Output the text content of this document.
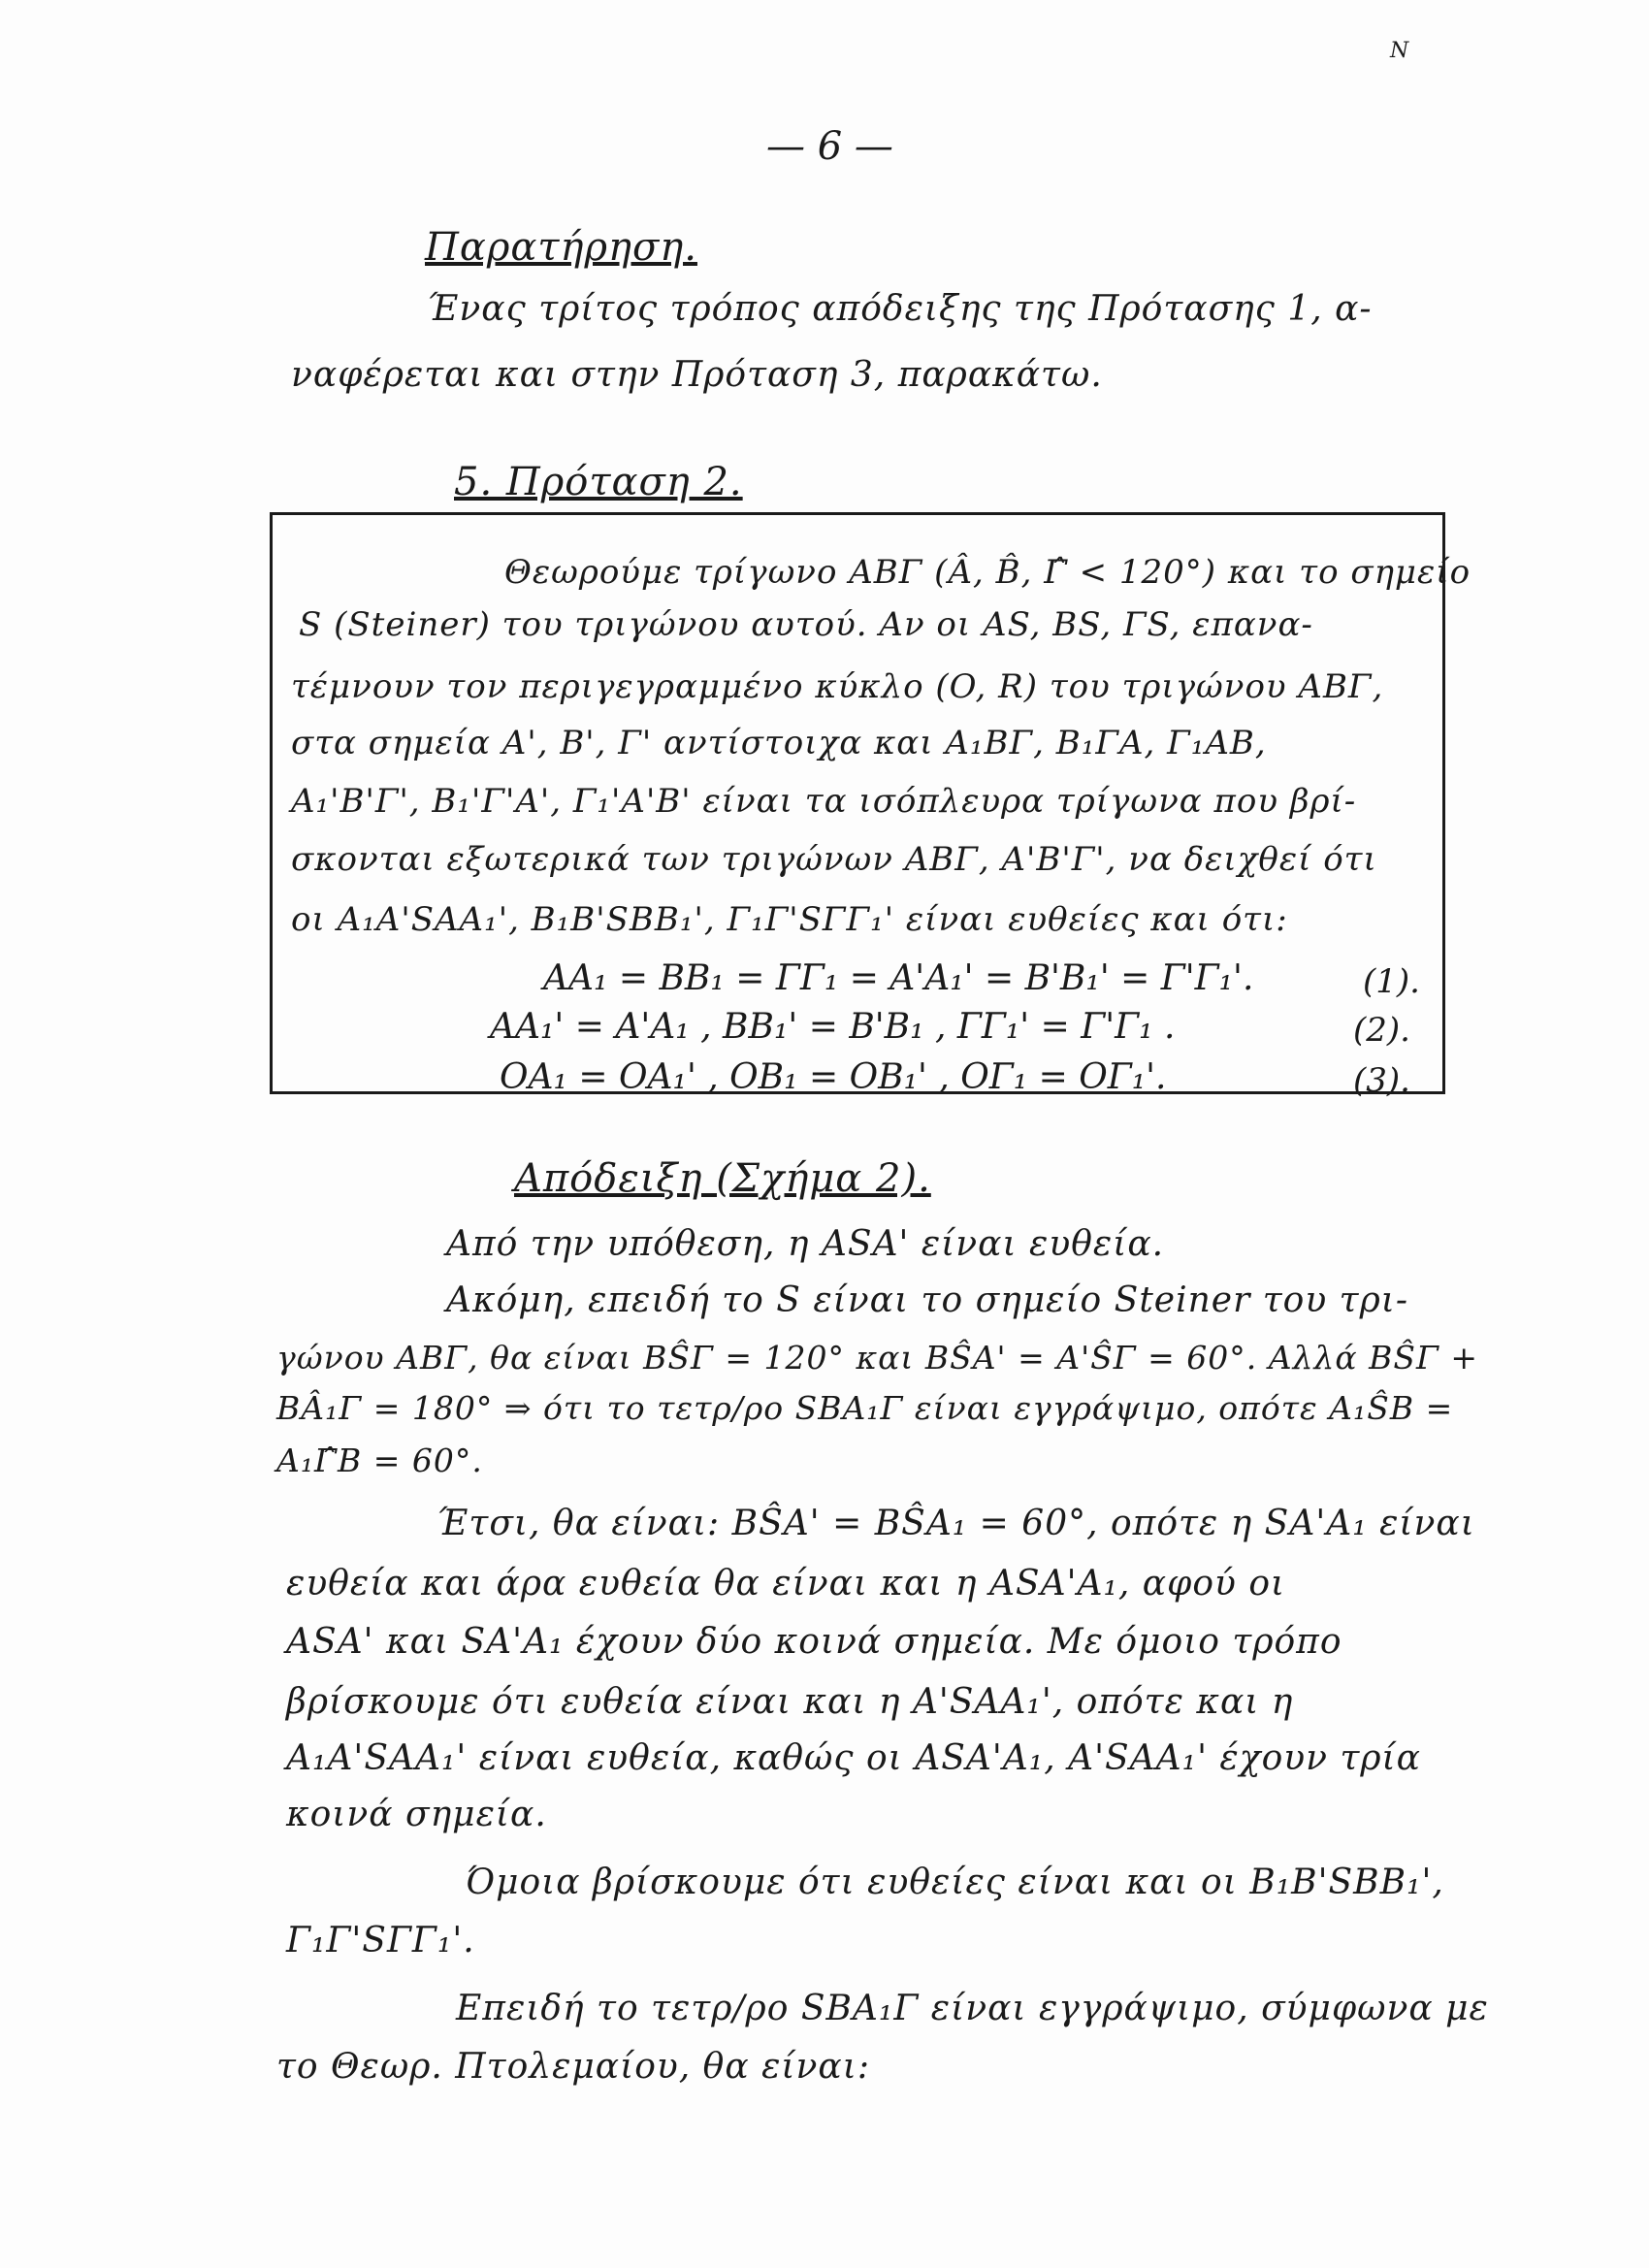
N
— 6 —
Παρατήρηση.
Ένας τρίτος τρόπος απόδειξης της Πρότασης 1, α-
ναφέρεται και στην Πρόταση 3, παρακάτω.
5. Πρόταση 2.
Θεωρούμε τρίγωνο ΑΒΓ (Â, B̂, Γ̂ < 120°) και το σημείο
S (Steiner) του τριγώνου αυτού. Αν οι AS, BS, ΓS, επανα-
τέμνουν τον περιγεγραμμένο κύκλο (O, R) του τριγώνου ΑΒΓ,
στα σημεία Α', Β', Γ' αντίστοιχα και Α₁ΒΓ, Β₁ΓΑ, Γ₁ΑΒ,
Α₁'Β'Γ', Β₁'Γ'Α', Γ₁'Α'Β' είναι τα ισόπλευρα τρίγωνα που βρί-
σκονται εξωτερικά των τριγώνων ΑΒΓ, Α'Β'Γ', να δειχθεί ότι
οι Α₁Α'SAA₁', Β₁Β'SBB₁', Γ₁Γ'SΓΓ₁' είναι ευθείες και ότι:
AA₁ = BB₁ = ΓΓ₁ = A'A₁' = B'B₁' = Γ'Γ₁'.	(1).
AA₁' = A'A₁ , BB₁' = B'B₁ , ΓΓ₁' = Γ'Γ₁ .	(2).
OA₁ = OA₁' , OB₁ = OB₁' , OΓ₁ = OΓ₁'.	(3).
Απόδειξη (Σχήμα 2).
Από την υπόθεση, η ASA' είναι ευθεία.
Ακόμη, επειδή το S είναι το σημείο Steiner του τρι-
γώνου ΑΒΓ, θα είναι BŜΓ = 120° και BŜA' = A'ŜΓ = 60°. Αλλά BŜΓ +
BÂ₁Γ = 180° ⇒ ότι το τετρ/ρο SBA₁Γ είναι εγγράψιμο, οπότε A₁ŜB =
A₁Γ̂B = 60°.
Έτσι, θα είναι: BŜA' = BŜA₁ = 60°, οπότε η SA'A₁ είναι
ευθεία και άρα ευθεία θα είναι και η ASA'A₁, αφού οι
ASA' και SA'A₁ έχουν δύο κοινά σημεία. Με όμοιο τρόπο
βρίσκουμε ότι ευθεία είναι και η A'SAA₁', οπότε και η
A₁A'SAA₁' είναι ευθεία, καθώς οι ASA'A₁, A'SAA₁' έχουν τρία
κοινά σημεία.
Όμοια βρίσκουμε ότι ευθείες είναι και οι B₁B'SBB₁',
Γ₁Γ'SΓΓ₁'.
Επειδή το τετρ/ρο SBA₁Γ είναι εγγράψιμο, σύμφωνα με
το Θεωρ. Πτολεμαίου, θα είναι:
